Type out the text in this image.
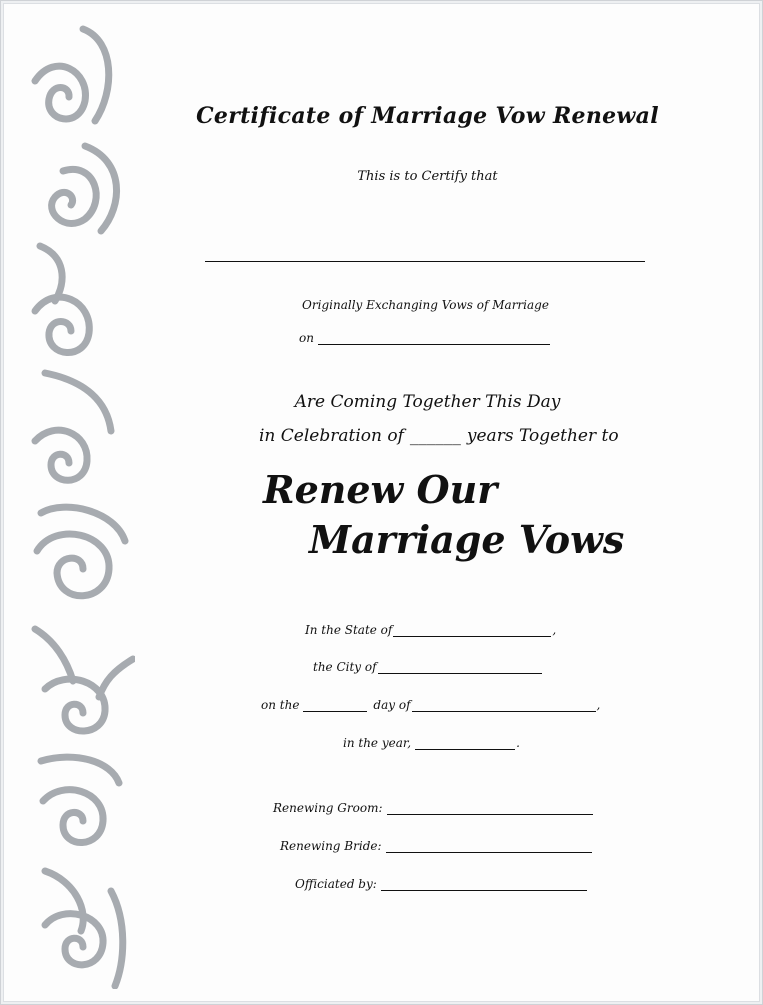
Certificate of Marriage Vow Renewal
This is to Certify that
Originally Exchanging Vows of Marriage
on
Are Coming Together This Day
in Celebration of ______ years Together to
Renew Our
Marriage Vows
In the State of	,
the City of
on the	day of	,
in the year,	.
Renewing Groom:
Renewing Bride:
Officiated by:
